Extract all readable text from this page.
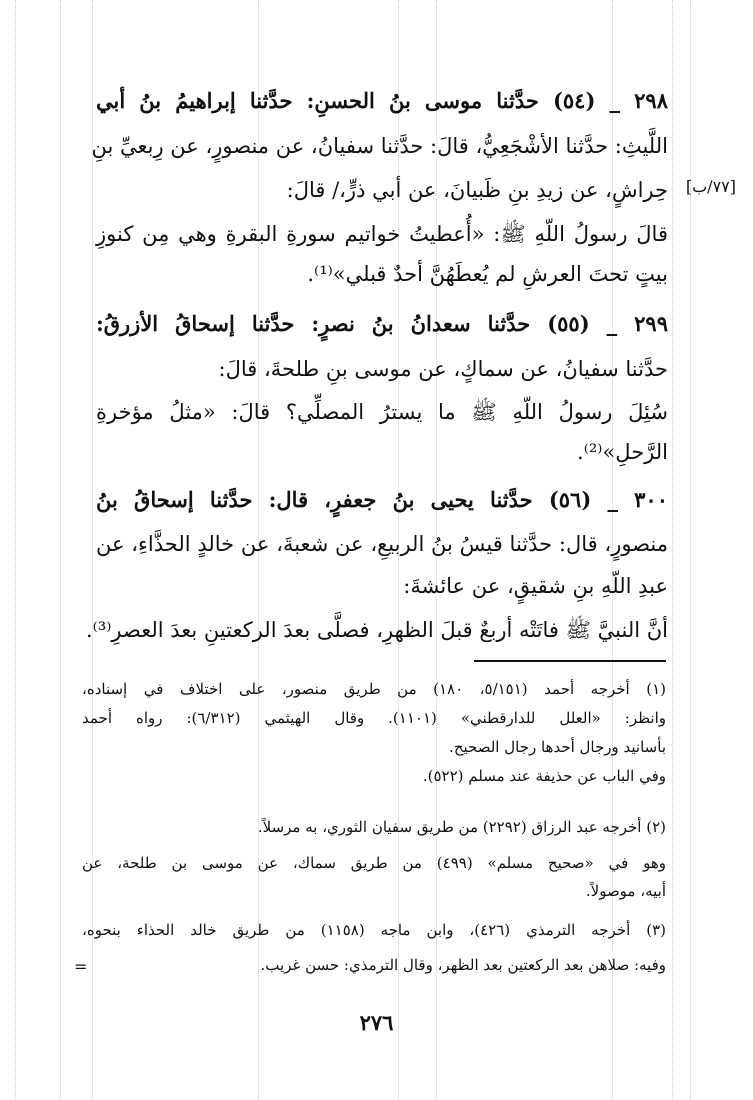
٢٩٨ _ (٥٤) حدَّثنا موسى بنُ الحسنِ: حدَّثنا إبراهيمُ بنُ أبي
اللَّيثِ: حدَّثنا الأشْجَعِيُّ، قالَ: حدَّثنا سفيانُ، عن منصورٍ، عن رِبعيِّ بنِ
حِراشٍ، عن زيدِ بنِ ظَبيانَ، عن أبي ذرٍّ،/ قالَ:
قالَ رسولُ اللّهِ ﷺ: «أُعطيتُ خواتيم سورةِ البقرةِ وهي مِن كنوزِ
بيتٍ تحتَ العرشِ لم يُعطَهُنَّ أحدٌ قبلي»⁽¹⁾.
٢٩٩ _ (٥٥) حدَّثنا سعدانُ بنُ نصرٍ: حدَّثنا إسحاقُ الأزرقُ:
حدَّثنا سفيانُ، عن سماكٍ، عن موسى بنِ طلحةَ، قالَ:
سُئِلَ رسولُ اللّهِ ﷺ ما يسترُ المصلِّي؟ قالَ: «مثلُ مؤخرةِ
الرَّحلِ»⁽²⁾.
٣٠٠ _ (٥٦) حدَّثنا يحيى بنُ جعفرٍ، قال: حدَّثنا إسحاقُ بنُ
منصورٍ، قال: حدَّثنا قيسُ بنُ الربيعِ، عن شعبةَ، عن خالدٍ الحذَّاءِ، عن
عبدِ اللّهِ بنِ شقيقٍ، عن عائشةَ:
أنَّ النبيَّ ﷺ فاتَتْه أربعٌ قبلَ الظهرِ، فصلَّى بعدَ الركعتينِ بعدَ العصرِ⁽³⁾.
[٧٧/ب]
(١) أخرجه أحمد (٥/١٥١، ١٨٠) من طريق منصور، على اختلاف في إسناده،
وانظر: «العلل للدارقطني» (١١٠١). وقال الهيثمي (٦/٣١٢): رواه أحمد
بأسانيد ورجال أحدها رجال الصحيح.
وفي الباب عن حذيفة عند مسلم (٥٢٢).
(٢) أخرجه عبد الرزاق (٢٢٩٢) من طريق سفيان الثوري، به مرسلاً.
وهو في «صحيح مسلم» (٤٩٩) من طريق سماك، عن موسى بن طلحة، عن
أبيه، موصولاً.
(٣) أخرجه الترمذي (٤٢٦)، وابن ماجه (١١٥٨) من طريق خالد الحذاء بنحوه،
وفيه: صلاهن بعد الركعتين بعد الظهر، وقال الترمذي: حسن غريب.
=
٢٧٦
